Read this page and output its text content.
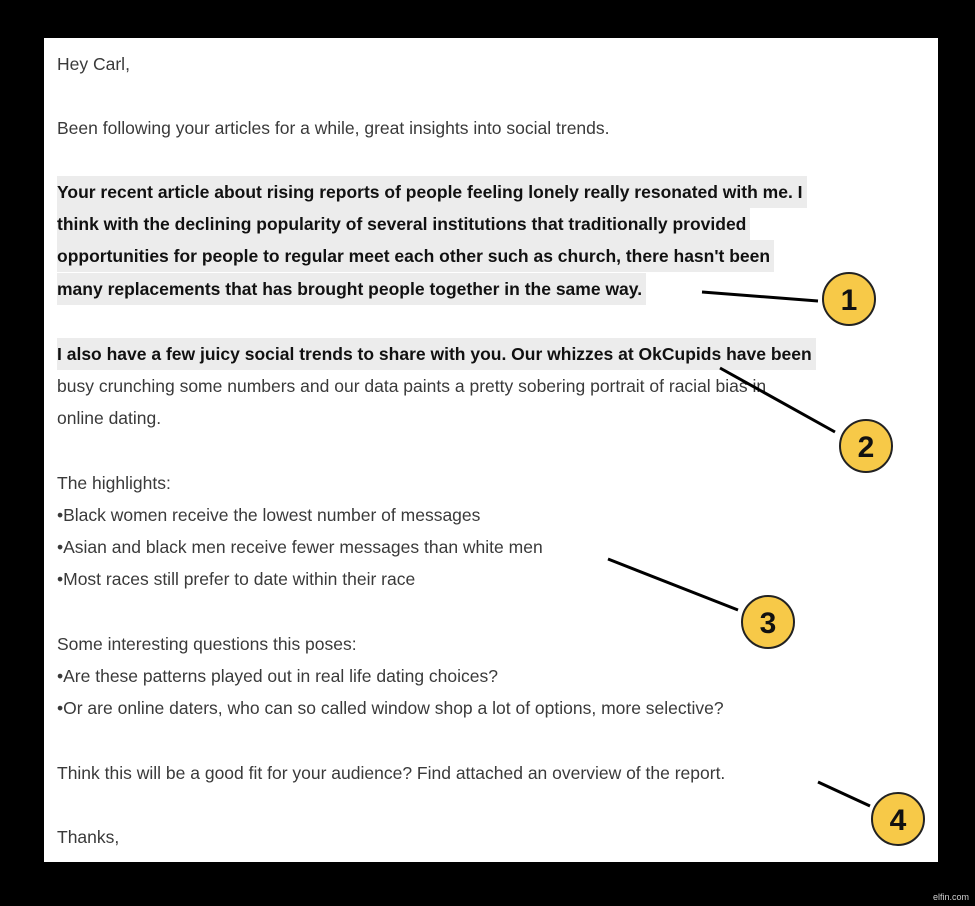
Hey Carl,
Been following your articles for a while, great insights into social trends.
Your recent article about rising reports of people feeling lonely really resonated with me. I
think with the declining popularity of several institutions that traditionally provided
opportunities for people to regular meet each other such as church, there hasn't been
many replacements that has brought people together in the same way.
I also have a few juicy social trends to share with you. Our whizzes at OkCupids have been
busy crunching some numbers and our data paints a pretty sobering portrait of racial bias in
online dating.
The highlights:
•Black women receive the lowest number of messages
•Asian and black men receive fewer messages than white men
•Most races still prefer to date within their race
Some interesting questions this poses:
•Are these patterns played out in real life dating choices?
•Or are online daters, who can so called window shop a lot of options, more selective?
Think this will be a good fit for your audience? Find attached an overview of the report.
Thanks,
1
2
3
4
elfin.com
